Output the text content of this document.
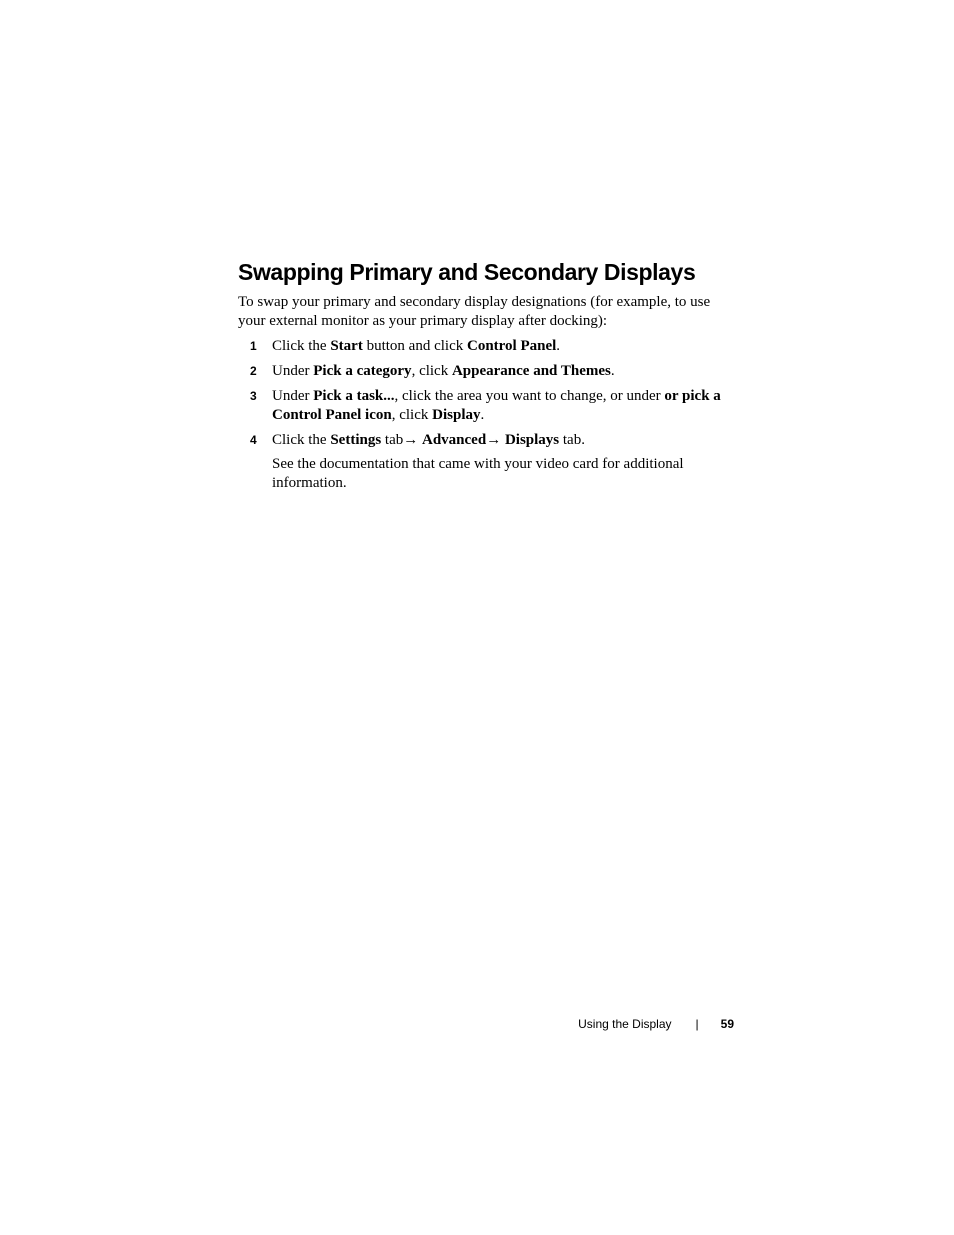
Swapping Primary and Secondary Displays

To swap your primary and secondary display designations (for example, to use your external monitor as your primary display after docking):

1 Click the Start button and click Control Panel.
2 Under Pick a category, click Appearance and Themes.
3 Under Pick a task..., click the area you want to change, or under or pick a Control Panel icon, click Display.
4 Click the Settings tab→ Advanced→ Displays tab.

See the documentation that came with your video card for additional information.

Using the Display | 59
